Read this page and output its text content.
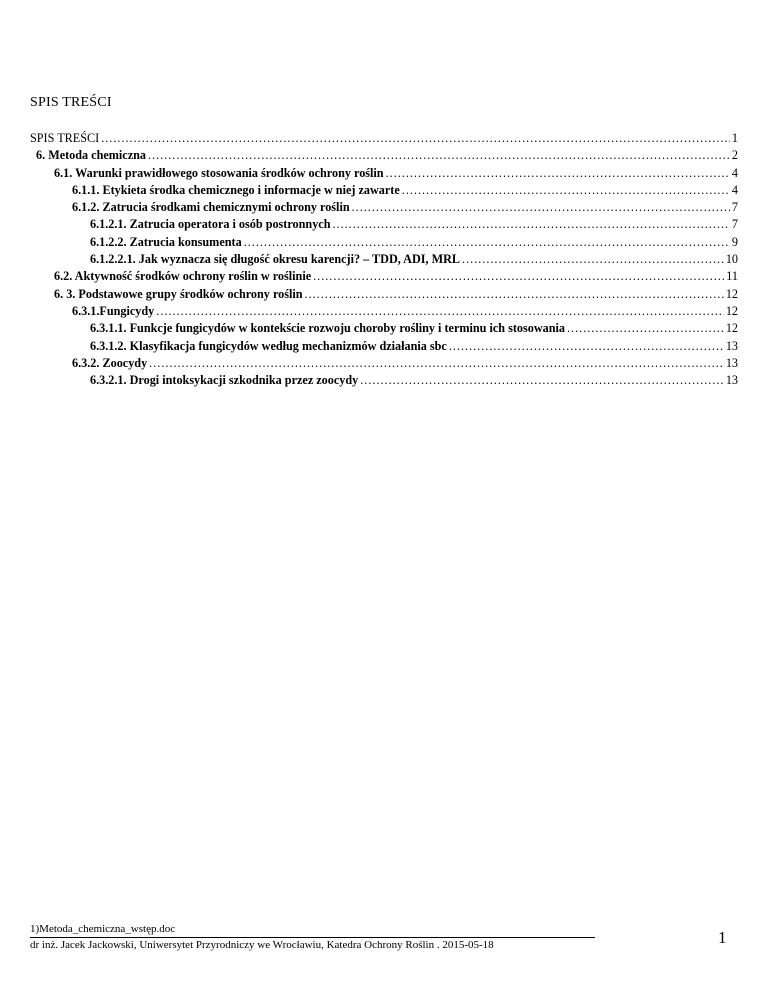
SPIS TREŚCI
SPIS TREŚCI .....	1
6. Metoda chemiczna .....	2
6.1. Warunki prawidłowego stosowania środków ochrony roślin .....	4
6.1.1. Etykieta środka chemicznego i informacje w niej zawarte .....	4
6.1.2. Zatrucia środkami chemicznymi ochrony roślin .....	7
6.1.2.1. Zatrucia operatora i osób postronnych .....	7
6.1.2.2. Zatrucia konsumenta .....	9
6.1.2.2.1. Jak wyznacza się długość okresu karencji? – TDD, ADI, MRL .....	10
6.2. Aktywność środków ochrony roślin w roślinie .....	11
6. 3. Podstawowe grupy środków ochrony roślin .....	12
6.3.1.Fungicydy .....	12
6.3.1.1. Funkcje fungicydów w kontekście rozwoju choroby rośliny i terminu ich stosowania .....	12
6.3.1.2. Klasyfikacja fungicydów według mechanizmów działania sbc .....	13
6.3.2. Zoocydy .....	13
6.3.2.1. Drogi intoksykacji szkodnika przez zoocydy .....	13
1)Metoda_chemiczna_wstęp.doc
dr inż. Jacek Jackowski, Uniwersytet Przyrodniczy we Wrocławiu, Katedra Ochrony Roślin . 2015-05-18	1
